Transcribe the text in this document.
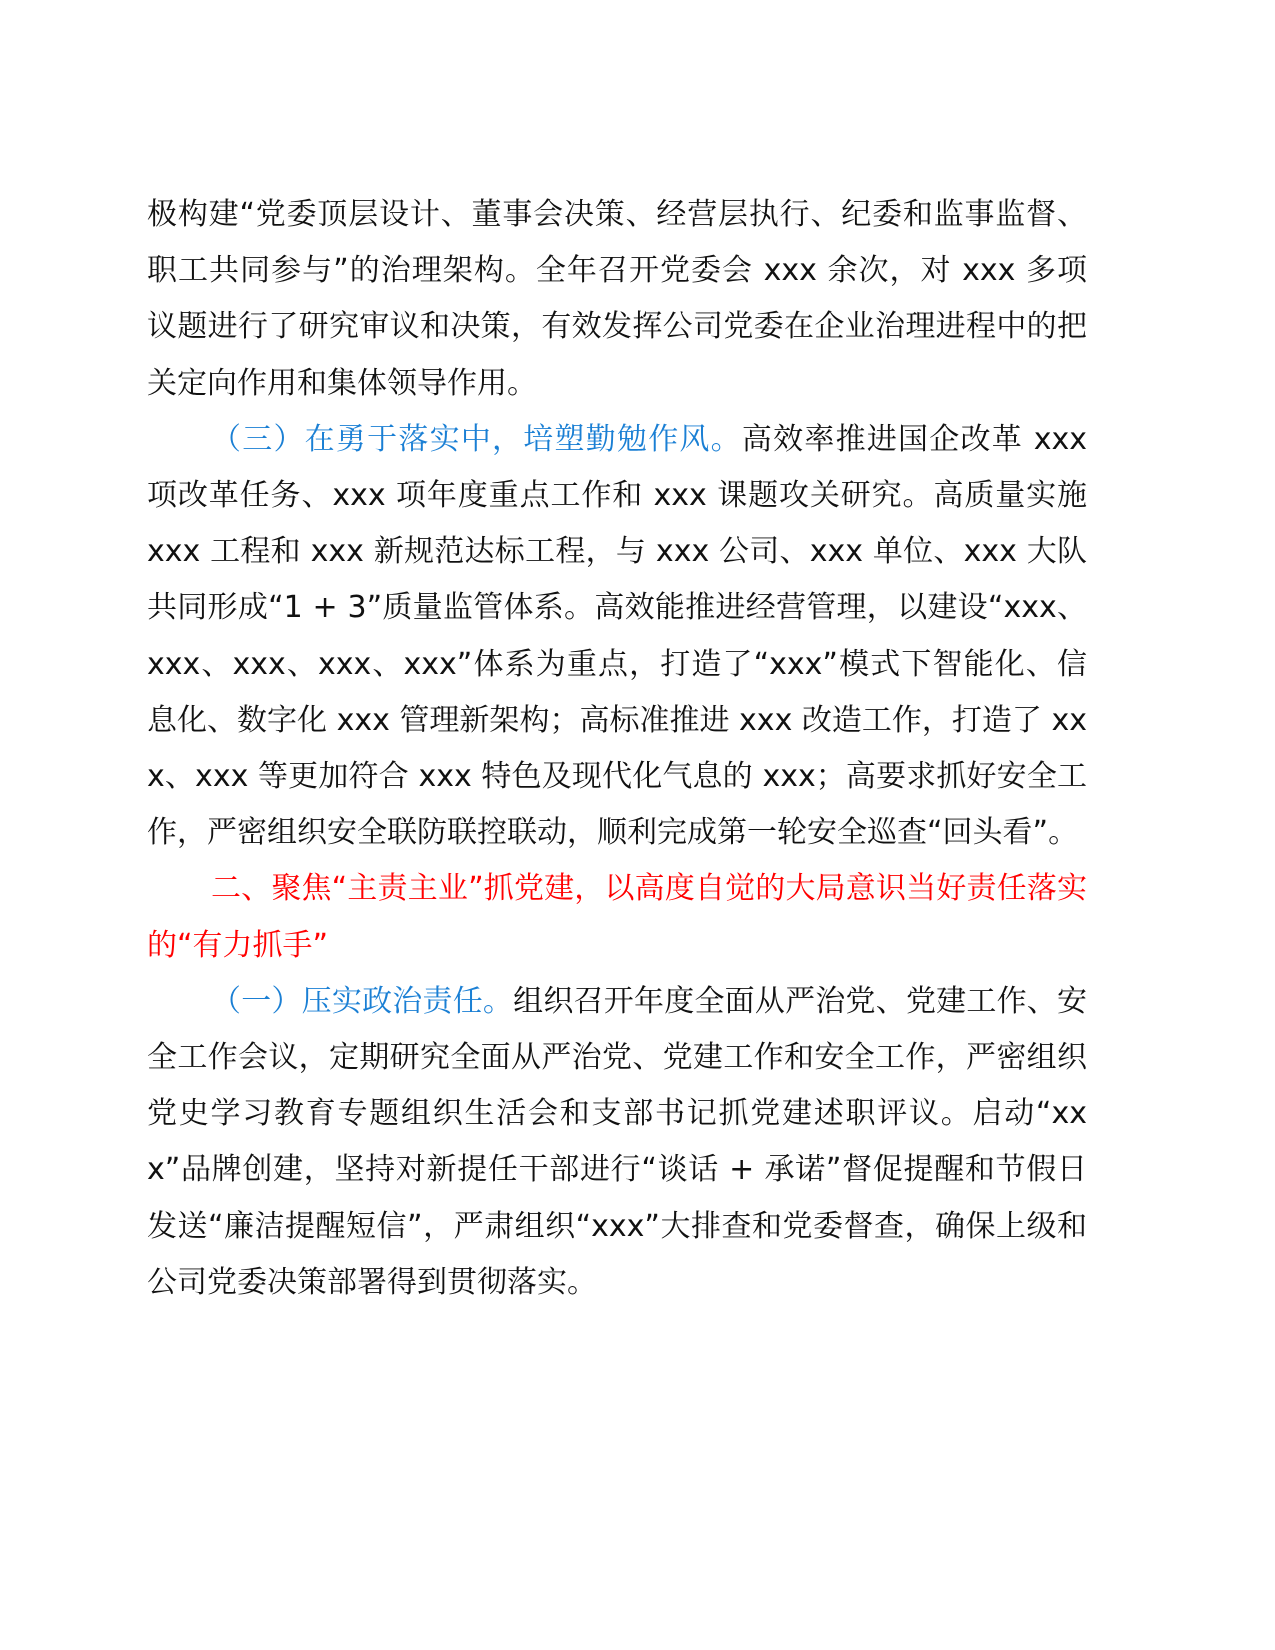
极构建“党委顶层设计、董事会决策、经营层执行、纪委和监事监督、职工共同参与”的治理架构。全年召开党委会 xxx 余次，对 xxx 多项议题进行了研究审议和决策，有效发挥公司党委在企业治理进程中的把关定向作用和集体领导作用。

（三）在勇于落实中，培塑勤勉作风。高效率推进国企改革 xxx 项改革任务、xxx 项年度重点工作和 xxx 课题攻关研究。高质量实施 xxx 工程和 xxx 新规范达标工程，与 xxx 公司、xxx 单位、xxx 大队共同形成“1 + 3”质量监管体系。高效能推进经营管理，以建设“xxx、xxx、xxx、xxx、xxx”体系为重点，打造了“xxx”模式下智能化、信息化、数字化 xxx 管理新架构；高标准推进 xxx 改造工作，打造了 xxx、xxx 等更加符合 xxx 特色及现代化气息的 xxx；高要求抓好安全工作，严密组织安全联防联控联动，顺利完成第一轮安全巡查“回头看”。

二、聚焦“主责主业”抓党建，以高度自觉的大局意识当好责任落实的“有力抓手”

（一）压实政治责任。组织召开年度全面从严治党、党建工作、安全工作会议，定期研究全面从严治党、党建工作和安全工作，严密组织党史学习教育专题组织生活会和支部书记抓党建述职评议。启动“xxx”品牌创建，坚持对新提任干部进行“谈话 + 承诺”督促提醒和节假日发送“廉洁提醒短信”，严肃组织“xxx”大排查和党委督查，确保上级和公司党委决策部署得到贯彻落实。
